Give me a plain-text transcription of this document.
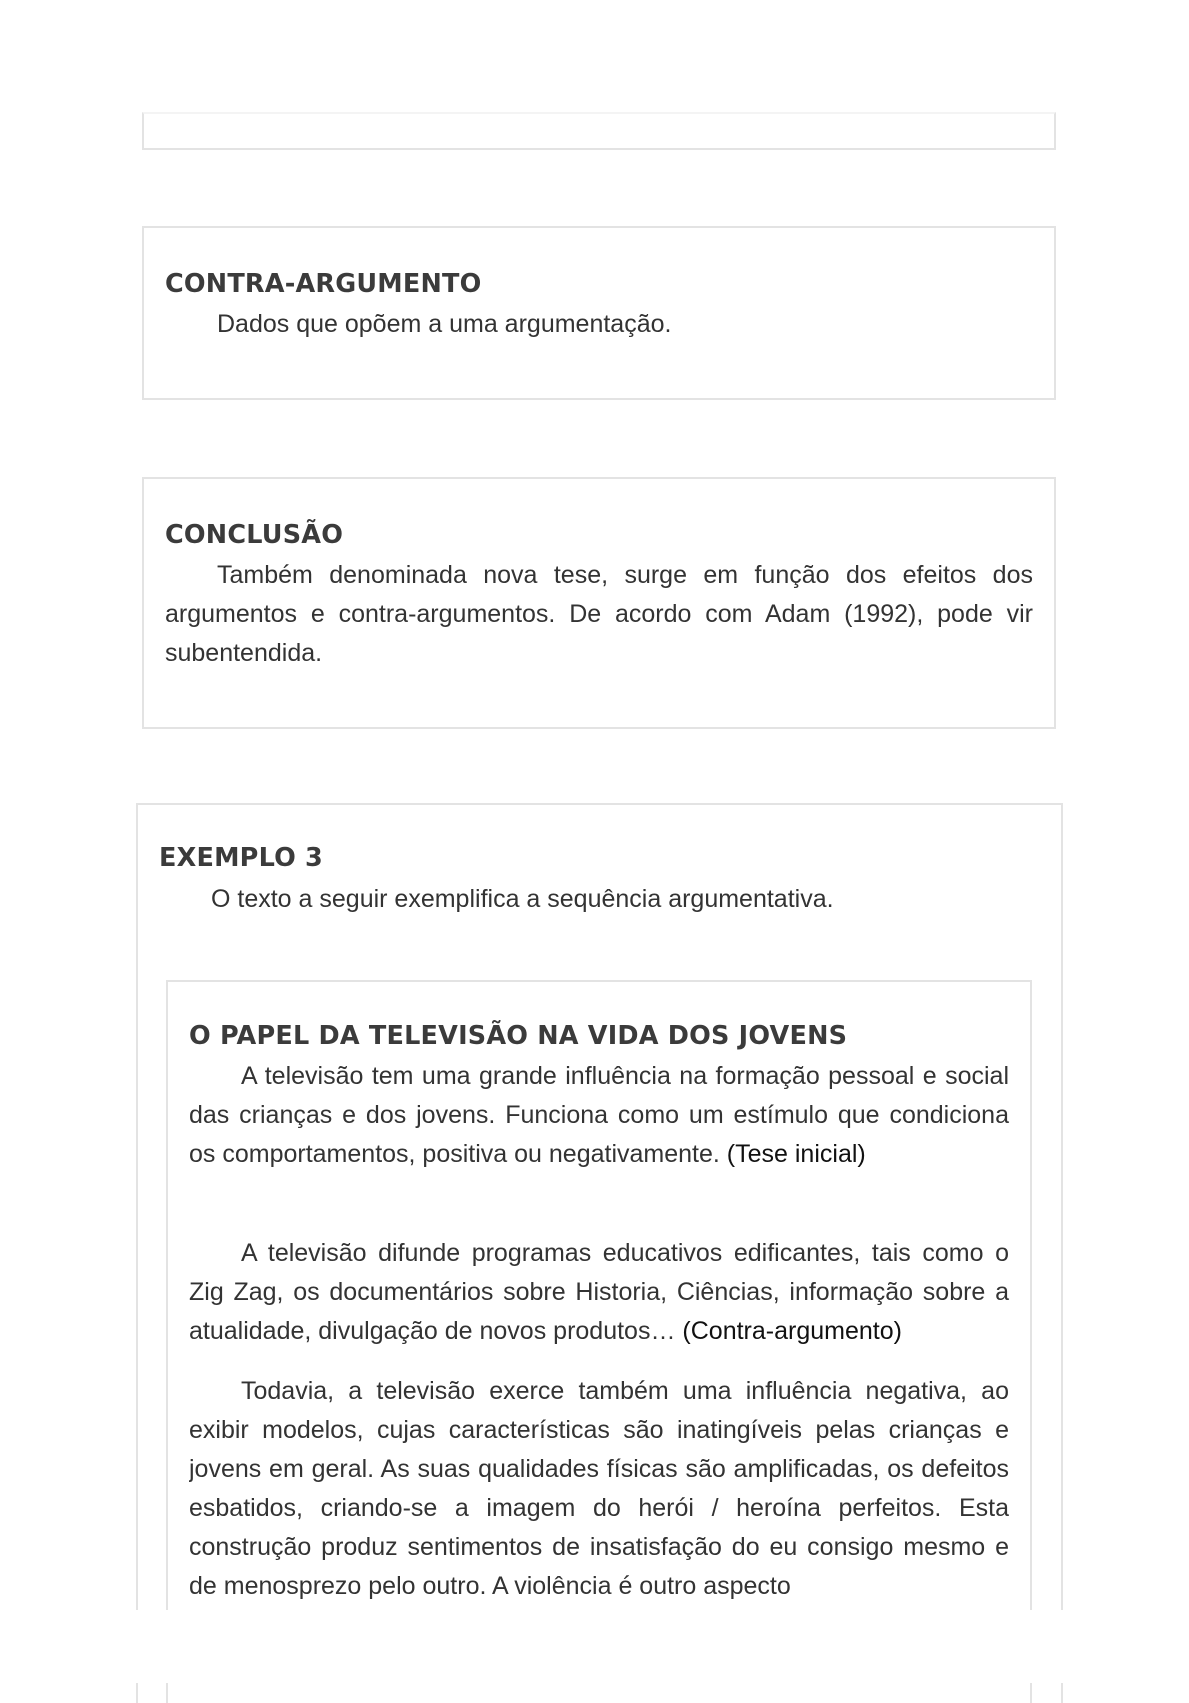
CONTRA-ARGUMENTO

Dados que opõem a uma argumentação.

CONCLUSÃO

Também denominada nova tese, surge em função dos efeitos dos argumentos e contra-argumentos. De acordo com Adam (1992), pode vir subentendida.

EXEMPLO 3

O texto a seguir exemplifica a sequência argumentativa.

O PAPEL DA TELEVISÃO NA VIDA DOS JOVENS

A televisão tem uma grande influência na formação pessoal e social das crianças e dos jovens. Funciona como um estímulo que condiciona os comportamentos, positiva ou negativamente. (Tese inicial)

A televisão difunde programas educativos edificantes, tais como o Zig Zag, os documentários sobre Historia, Ciências, informação sobre a atualidade, divulgação de novos produtos… (Contra-argumento)

Todavia, a televisão exerce também uma influência negativa, ao exibir modelos, cujas características são inatingíveis pelas crianças e jovens em geral. As suas qualidades físicas são amplificadas, os defeitos esbatidos, criando-se a imagem do herói / heroína perfeitos. Esta construção produz sentimentos de insatisfação do eu consigo mesmo e de menosprezo pelo outro. A violência é outro aspecto
